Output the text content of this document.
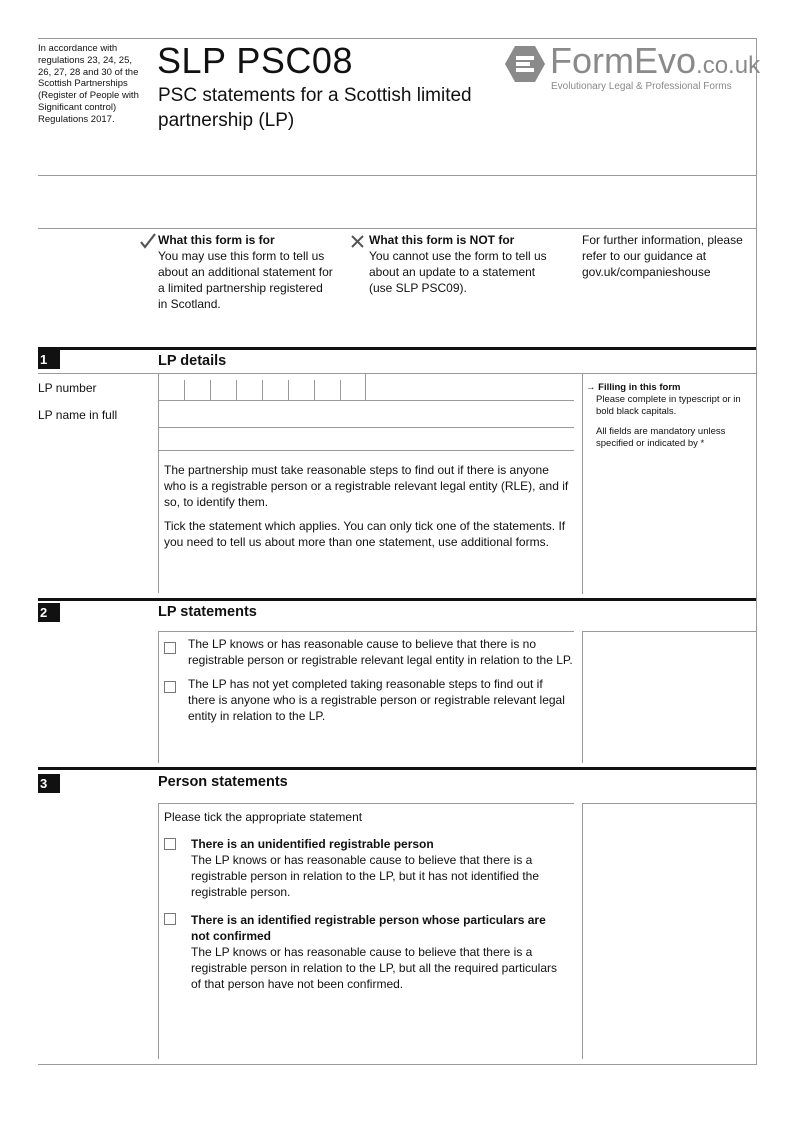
In accordance with regulations 23, 24, 25, 26, 27, 28 and 30 of the Scottish Partnerships (Register of People with Significant control) Regulations 2017.
SLP PSC08
PSC statements for a Scottish limited
partnership (LP)
FormEvo.co.uk
Evolutionary Legal & Professional Forms
What this form is for
You may use this form to tell us about an additional statement for a limited partnership registered in Scotland.
What this form is NOT for
You cannot use the form to tell us about an update to a statement (use SLP PSC09).
For further information, please refer to our guidance at gov.uk/companieshouse
1	LP details
LP number
LP name in full
The partnership must take reasonable steps to find out if there is anyone who is a registrable person or a registrable relevant legal entity (RLE), and if so, to identify them.
Tick the statement which applies. You can only tick one of the statements. If you need to tell us about more than one statement, use additional forms.
→ Filling in this form
Please complete in typescript or in bold black capitals.
All fields are mandatory unless specified or indicated by *
2	LP statements
The LP knows or has reasonable cause to believe that there is no registrable person or registrable relevant legal entity in relation to the LP.
The LP has not yet completed taking reasonable steps to find out if there is anyone who is a registrable person or registrable relevant legal entity in relation to the LP.
3	Person statements
Please tick the appropriate statement
There is an unidentified registrable person
The LP knows or has reasonable cause to believe that there is a registrable person in relation to the LP, but it has not identified the registrable person.
There is an identified registrable person whose particulars are not confirmed
The LP knows or has reasonable cause to believe that there is a registrable person in relation to the LP, but all the required particulars of that person have not been confirmed.
